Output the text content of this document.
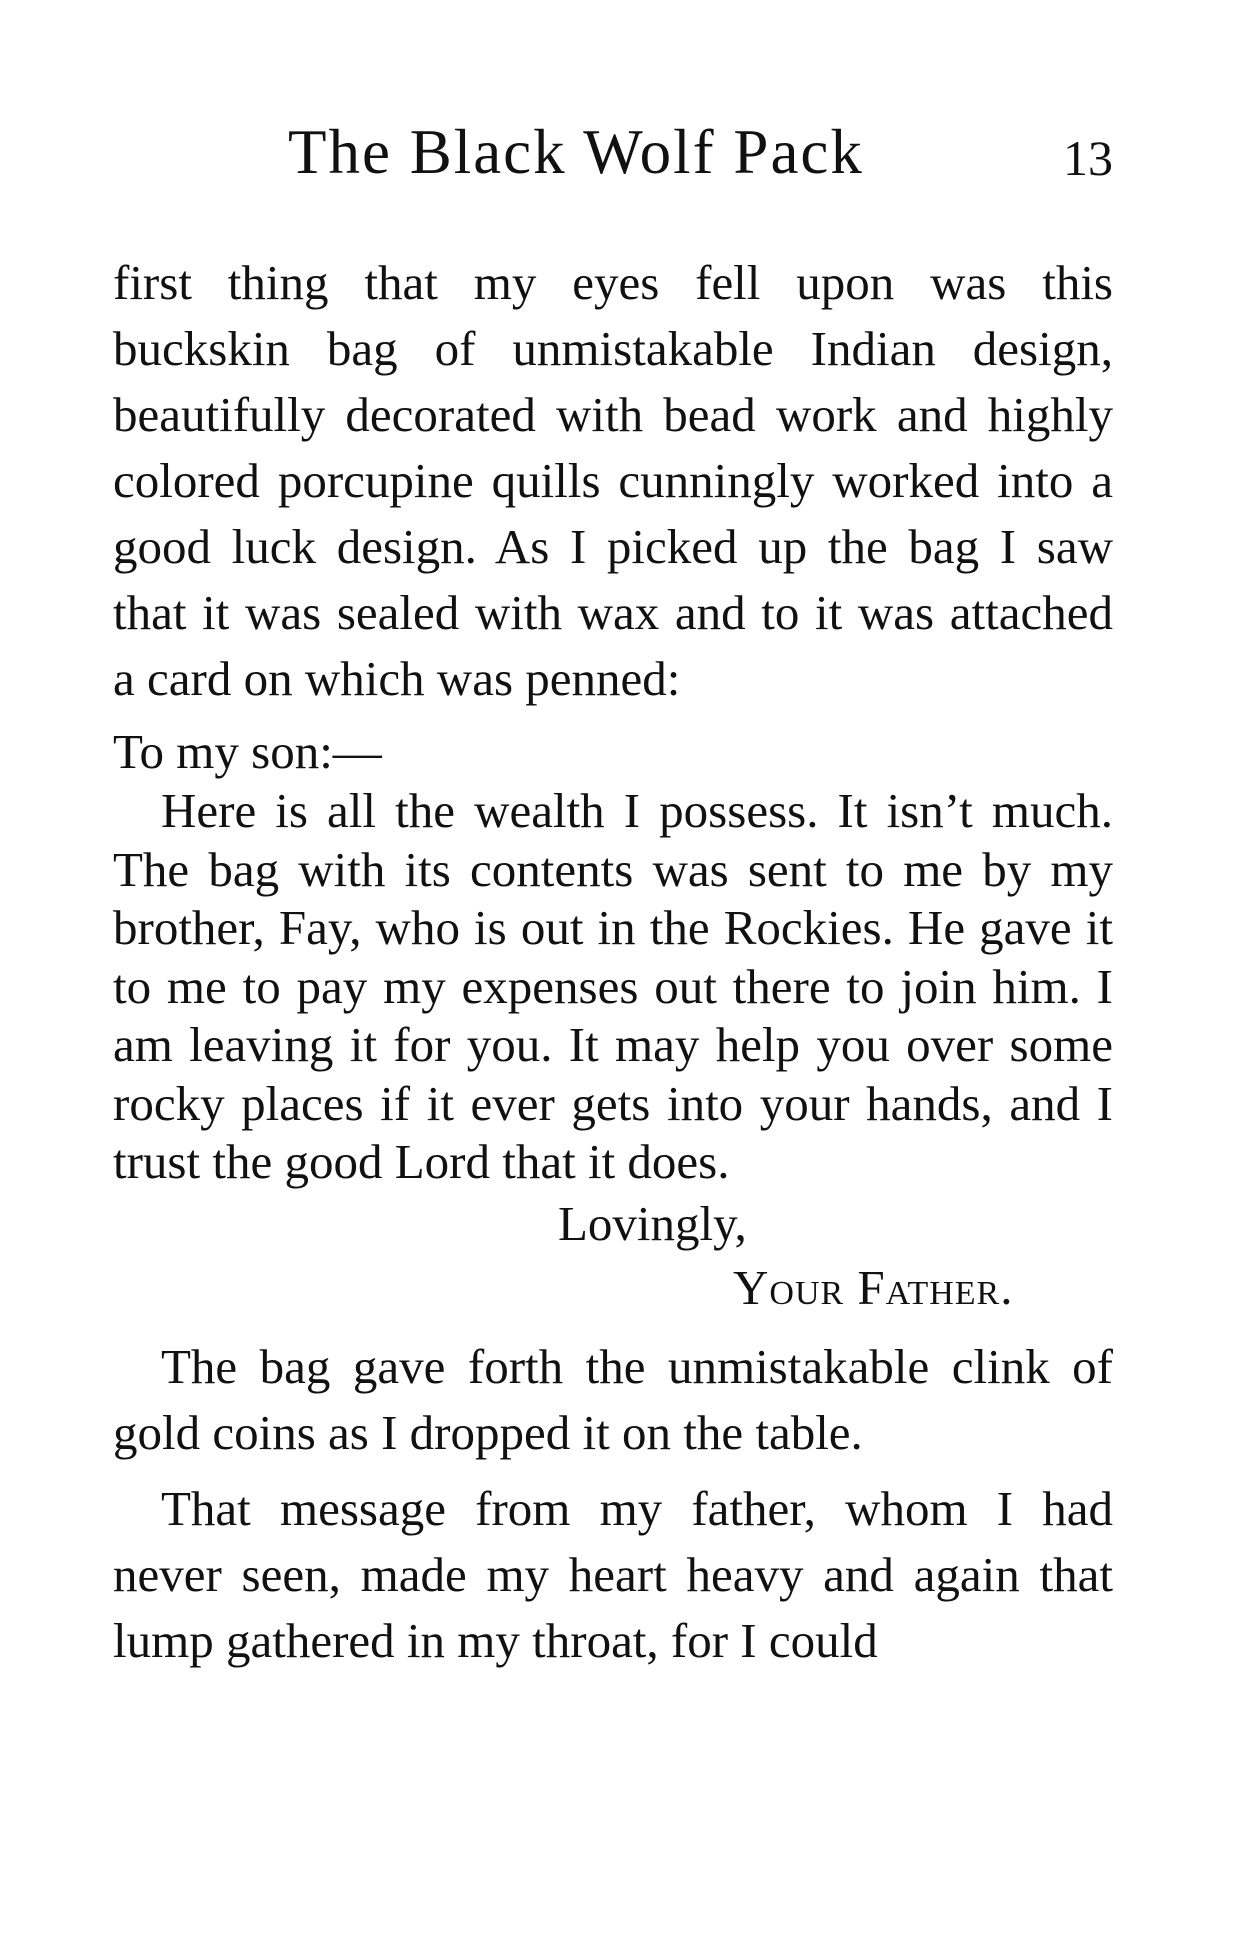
The Black Wolf Pack	13

first thing that my eyes fell upon was this buckskin bag of unmistakable Indian design, beautifully decorated with bead work and highly colored porcupine quills cunningly worked into a good luck design. As I picked up the bag I saw that it was sealed with wax and to it was attached a card on which was penned:

To my son:—

Here is all the wealth I possess. It isn’t much. The bag with its contents was sent to me by my brother, Fay, who is out in the Rockies. He gave it to me to pay my expenses out there to join him. I am leaving it for you. It may help you over some rocky places if it ever gets into your hands, and I trust the good Lord that it does.

Lovingly,

Your Father.

The bag gave forth the unmistakable clink of gold coins as I dropped it on the table.

That message from my father, whom I had never seen, made my heart heavy and again that lump gathered in my throat, for I could
